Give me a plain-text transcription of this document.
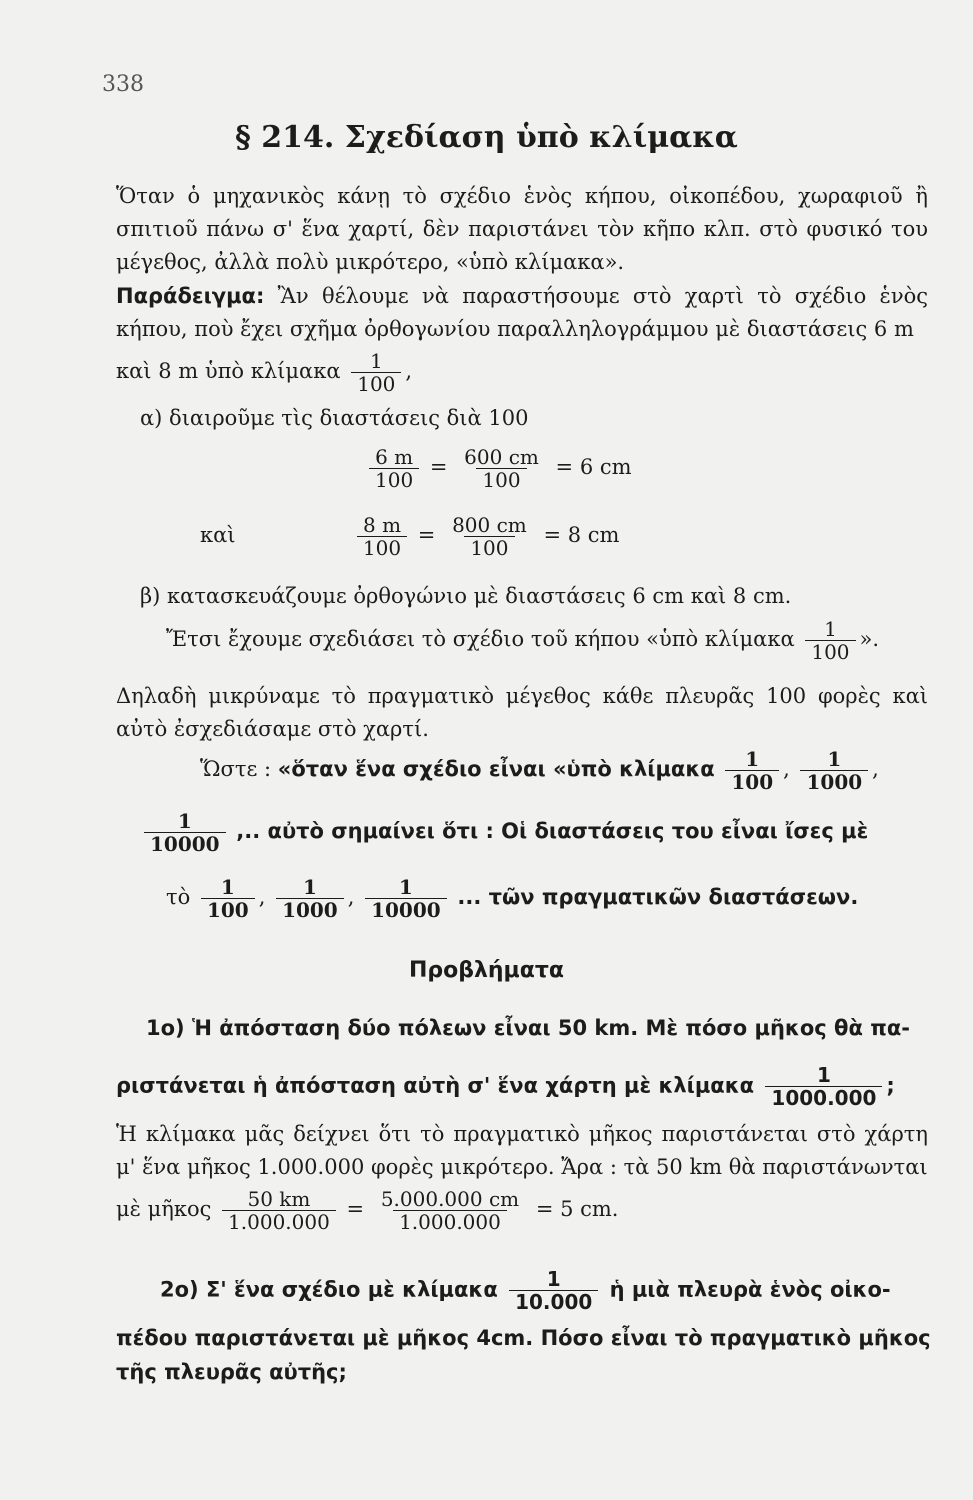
338
§ 214. Σχεδίαση ὑπὸ κλίμακα
Ὅταν ὁ μηχανικὸς κάνῃ τὸ σχέδιο ἑνὸς κήπου, οἰκοπέδου, χωραφιοῦ ἢ σπιτιοῦ πάνω σ' ἕνα χαρτί, δὲν παριστάνει τὸν κῆπο κλπ. στὸ φυσικό του μέγεθος, ἀλλὰ πολὺ μικρότερο, «ὑπὸ κλίμακα».
Παράδειγμα: Ἂν θέλουμε νὰ παραστήσουμε στὸ χαρτὶ τὸ σχέδιο ἑνὸς κήπου, ποὺ ἔχει σχῆμα ὀρθογωνίου παραλληλογράμμου μὲ διαστάσεις 6 m
καὶ 8 m ὑπὸ κλίμακα $\frac{1}{100}$ ,
α) διαιροῦμε τὶς διαστάσεις διὰ 100
$\frac{6 m}{100} = \frac{600 cm}{100} = 6$ cm
καὶ	$\frac{8 m}{100} = \frac{800 cm}{100} = 8$ cm
β) κατασκευάζουμε ὀρθογώνιο μὲ διαστάσεις 6 cm καὶ 8 cm.
Ἔτσι ἔχουμε σχεδιάσει τὸ σχέδιο τοῦ κήπου «ὑπὸ κλίμακα $\frac{1}{100}$ ».
Δηλαδὴ μικρύναμε τὸ πραγματικὸ μέγεθος κάθε πλευρᾶς 100 φορὲς καὶ αὐτὸ ἐσχεδιάσαμε στὸ χαρτί.
Ὥστε : «ὅταν ἕνα σχέδιο εἶναι «ὑπὸ κλίμακα $\frac{1}{100}$ , $\frac{1}{1000}$ ,
$\frac{1}{10000}$ ,.. αὐτὸ σημαίνει ὅτι : Οἱ διαστάσεις του εἶναι ἴσες μὲ
τὸ $\frac{1}{100}$ , $\frac{1}{1000}$ , $\frac{1}{10000}$ ... τῶν πραγματικῶν διαστάσεων.
Προβλήματα
1ο) Ἡ ἀπόσταση δύο πόλεων εἶναι 50 km. Μὲ πόσο μῆκος θὰ πα-
ριστάνεται ἡ ἀπόσταση αὐτὴ σ' ἕνα χάρτη μὲ κλίμακα $\frac{1}{1000.000}$ ;
Ἡ κλίμακα μᾶς δείχνει ὅτι τὸ πραγματικὸ μῆκος παριστάνεται στὸ χάρτη μ' ἕνα μῆκος 1.000.000 φορὲς μικρότερο. Ἄρα : τὰ 50 km θὰ παριστάνωνται
μὲ μῆκος $\frac{50 km}{1.000.000} = \frac{5.000.000 cm}{1.000.000} = 5$ cm.
2ο) Σ' ἕνα σχέδιο μὲ κλίμακα $\frac{1}{10.000}$ ἡ μιὰ πλευρὰ ἑνὸς οἰκο-
πέδου παριστάνεται μὲ μῆκος 4cm. Πόσο εἶναι τὸ πραγματικὸ μῆκος
τῆς πλευρᾶς αὐτῆς;
